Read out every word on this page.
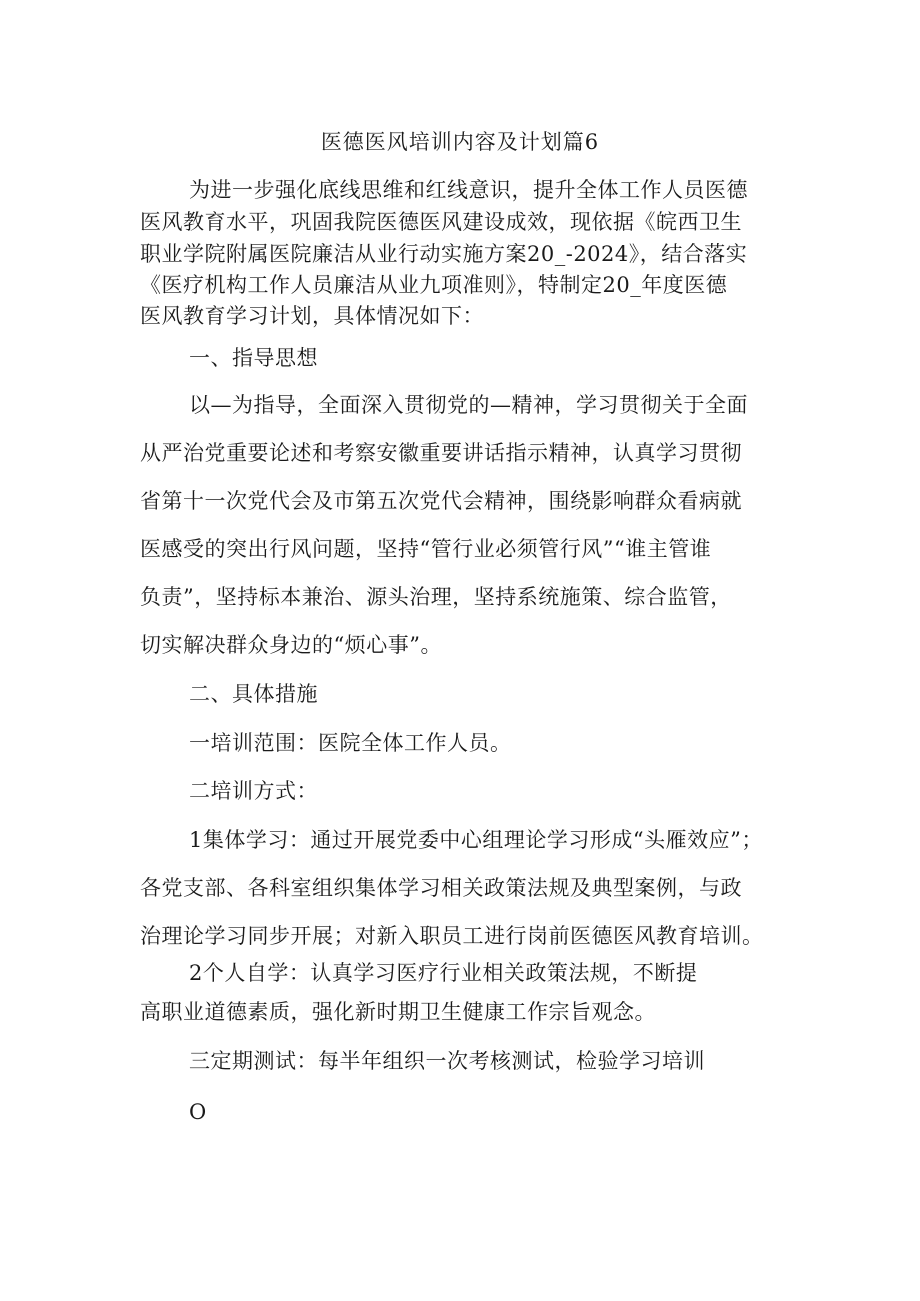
医德医风培训内容及计划篇6
为进一步强化底线思维和红线意识，提升全体工作人员医德
医风教育水平，巩固我院医德医风建设成效，现依据《皖西卫生
职业学院附属医院廉洁从业行动实施方案20_-2024》，结合落实
《医疗机构工作人员廉洁从业九项准则》，特制定20_年度医德
医风教育学习计划，具体情况如下：
一、指导思想
以—为指导，全面深入贯彻党的—精神，学习贯彻关于全面
从严治党重要论述和考察安徽重要讲话指示精神，认真学习贯彻
省第十一次党代会及市第五次党代会精神，围绕影响群众看病就
医感受的突出行风问题，坚持“管行业必须管行风”“谁主管谁
负责”，坚持标本兼治、源头治理，坚持系统施策、综合监管，
切实解决群众身边的“烦心事”。
二、具体措施
一培训范围：医院全体工作人员。
二培训方式：
1集体学习：通过开展党委中心组理论学习形成“头雁效应”；
各党支部、各科室组织集体学习相关政策法规及典型案例，与政
治理论学习同步开展；对新入职员工进行岗前医德医风教育培训。
2个人自学：认真学习医疗行业相关政策法规，不断提
高职业道德素质，强化新时期卫生健康工作宗旨观念。
三定期测试：每半年组织一次考核测试，检验学习培训
O
